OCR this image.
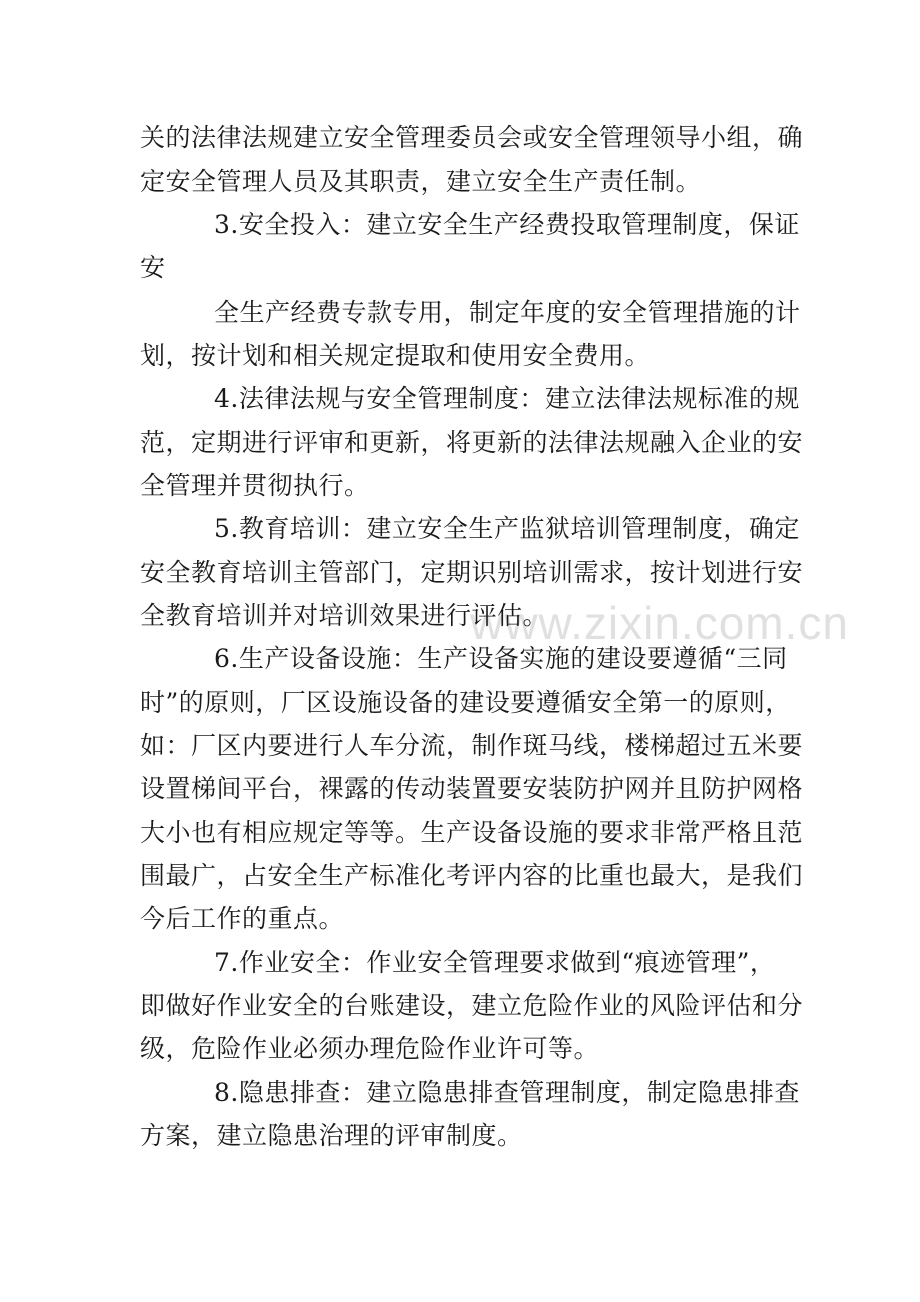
www.zixin.com.cn
关的法律法规建立安全管理委员会或安全管理领导小组，确
定安全管理人员及其职责，建立安全生产责任制。
3.安全投入：建立安全生产经费投取管理制度，保证
安
全生产经费专款专用，制定年度的安全管理措施的计
划，按计划和相关规定提取和使用安全费用。
4.法律法规与安全管理制度：建立法律法规标准的规
范，定期进行评审和更新，将更新的法律法规融入企业的安
全管理并贯彻执行。
5.教育培训：建立安全生产监狱培训管理制度，确定
安全教育培训主管部门，定期识别培训需求，按计划进行安
全教育培训并对培训效果进行评估。
6.生产设备设施：生产设备实施的建设要遵循“三同
时”的原则，厂区设施设备的建设要遵循安全第一的原则，
如：厂区内要进行人车分流，制作斑马线，楼梯超过五米要
设置梯间平台，裸露的传动装置要安装防护网并且防护网格
大小也有相应规定等等。生产设备设施的要求非常严格且范
围最广，占安全生产标准化考评内容的比重也最大，是我们
今后工作的重点。
7.作业安全：作业安全管理要求做到“痕迹管理”，
即做好作业安全的台账建设，建立危险作业的风险评估和分
级，危险作业必须办理危险作业许可等。
8.隐患排查：建立隐患排查管理制度，制定隐患排查
方案，建立隐患治理的评审制度。
